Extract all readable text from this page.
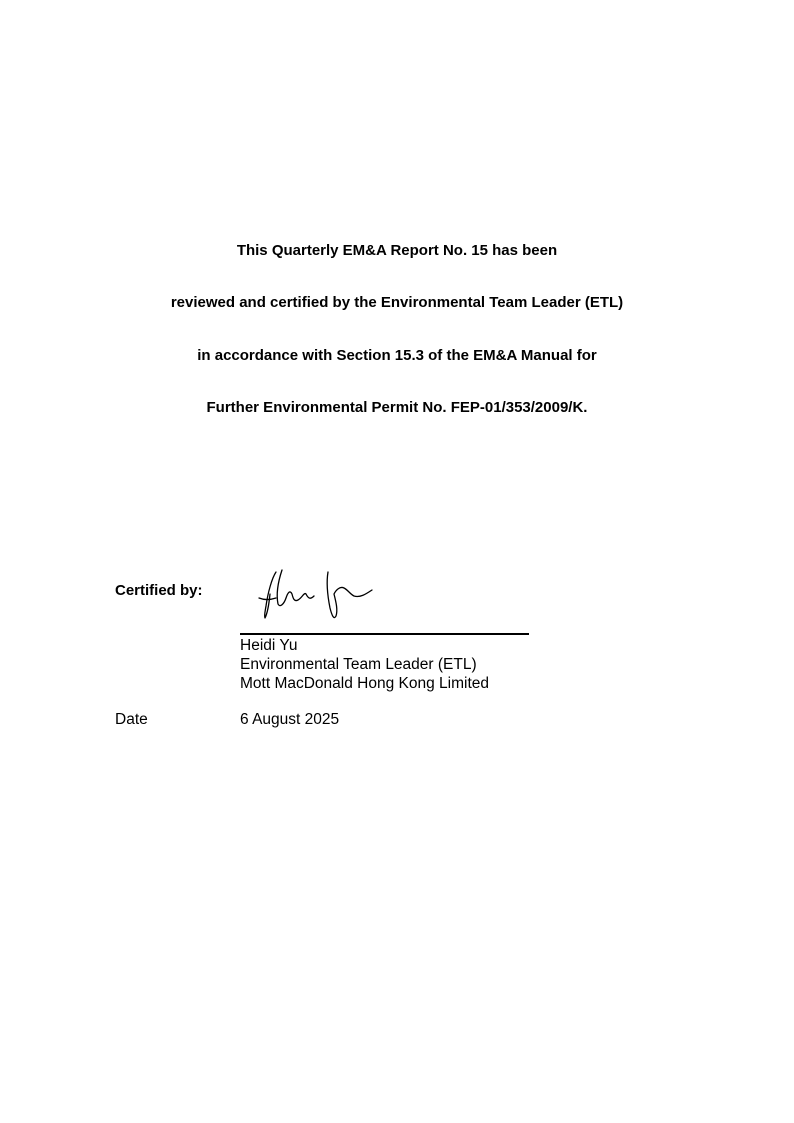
This Quarterly EM&A Report No. 15 has been
reviewed and certified by the Environmental Team Leader (ETL)
in accordance with Section 15.3 of the EM&A Manual for
Further Environmental Permit No. FEP-01/353/2009/K.
Certified by:
Heidi Yu
Environmental Team Leader (ETL)
Mott MacDonald Hong Kong Limited
Date	6 August 2025
